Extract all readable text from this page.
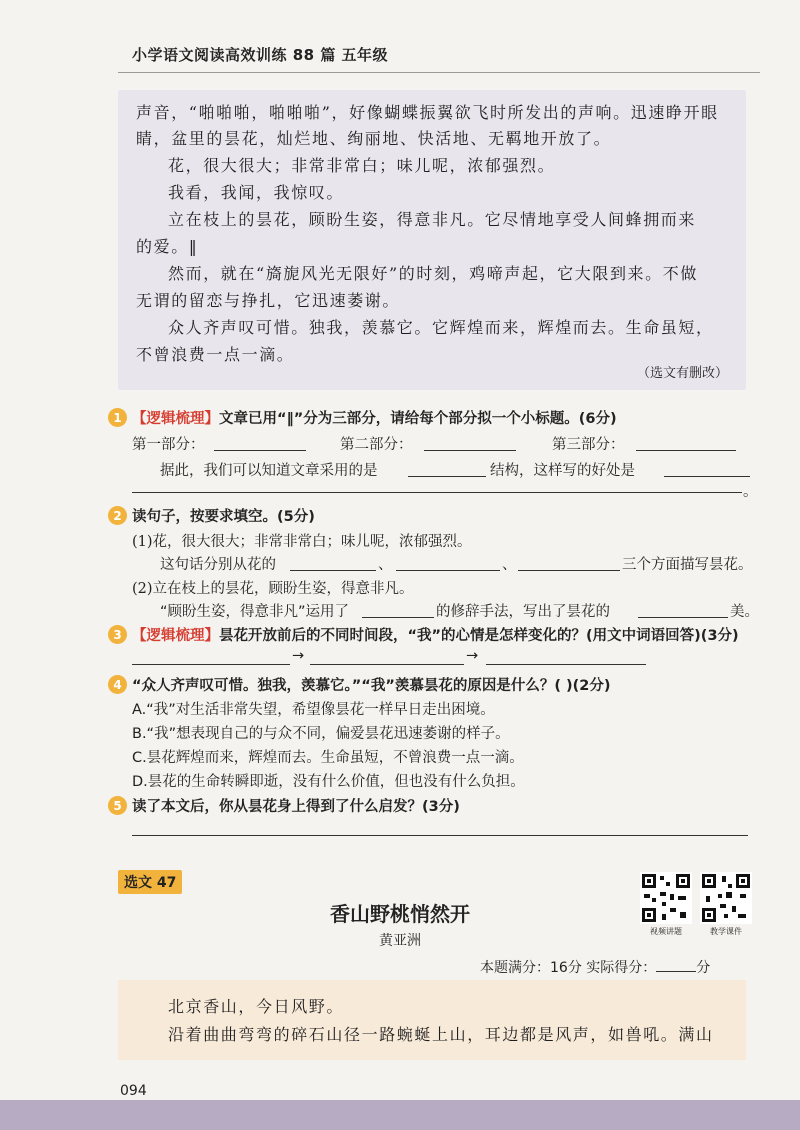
小学语文阅读高效训练 88 篇 五年级
声音，“啪啪啪，啪啪啪”，好像蝴蝶振翼欲飞时所发出的声响。迅速睁开眼
睛，盆里的昙花，灿烂地、绚丽地、快活地、无羁地开放了。
花，很大很大；非常非常白；味儿呢，浓郁强烈。
我看，我闻，我惊叹。
立在枝上的昙花，顾盼生姿，得意非凡。它尽情地享受人间蜂拥而来
的爱。‖
然而，就在“旖旎风光无限好”的时刻，鸡啼声起，它大限到来。不做
无谓的留恋与挣扎，它迅速萎谢。
众人齐声叹可惜。独我，羡慕它。它辉煌而来，辉煌而去。生命虽短，
不曾浪费一点一滴。
（选文有删改）
1 【逻辑梳理】文章已用“‖”分为三部分，请给每个部分拟一个小标题。(6分)
第一部分：	第二部分：	第三部分：
据此，我们可以知道文章采用的是	结构，这样写的好处是
。
2 读句子，按要求填空。(5分)
(1)花，很大很大；非常非常白；味儿呢，浓郁强烈。
这句话分别从花的	、	、	三个方面描写昙花。
(2)立在枝上的昙花，顾盼生姿，得意非凡。
“顾盼生姿，得意非凡”运用了	的修辞手法，写出了昙花的	美。
3 【逻辑梳理】昙花开放前后的不同时间段，“我”的心情是怎样变化的？(用文中词语回答)(3分)
→	→
4 “众人齐声叹可惜。独我，羡慕它。”“我”羡慕昙花的原因是什么？( )(2分)
A.“我”对生活非常失望，希望像昙花一样早日走出困境。
B.“我”想表现自己的与众不同，偏爱昙花迅速萎谢的样子。
C.昙花辉煌而来，辉煌而去。生命虽短，不曾浪费一点一滴。
D.昙花的生命转瞬即逝，没有什么价值，但也没有什么负担。
5 读了本文后，你从昙花身上得到了什么启发？(3分)
选文 47
香山野桃悄然开
黄亚洲
视频讲题	教学课件
本题满分：16分 实际得分：	分
北京香山，今日风野。
沿着曲曲弯弯的碎石山径一路蜿蜒上山，耳边都是风声，如兽吼。满山
094
